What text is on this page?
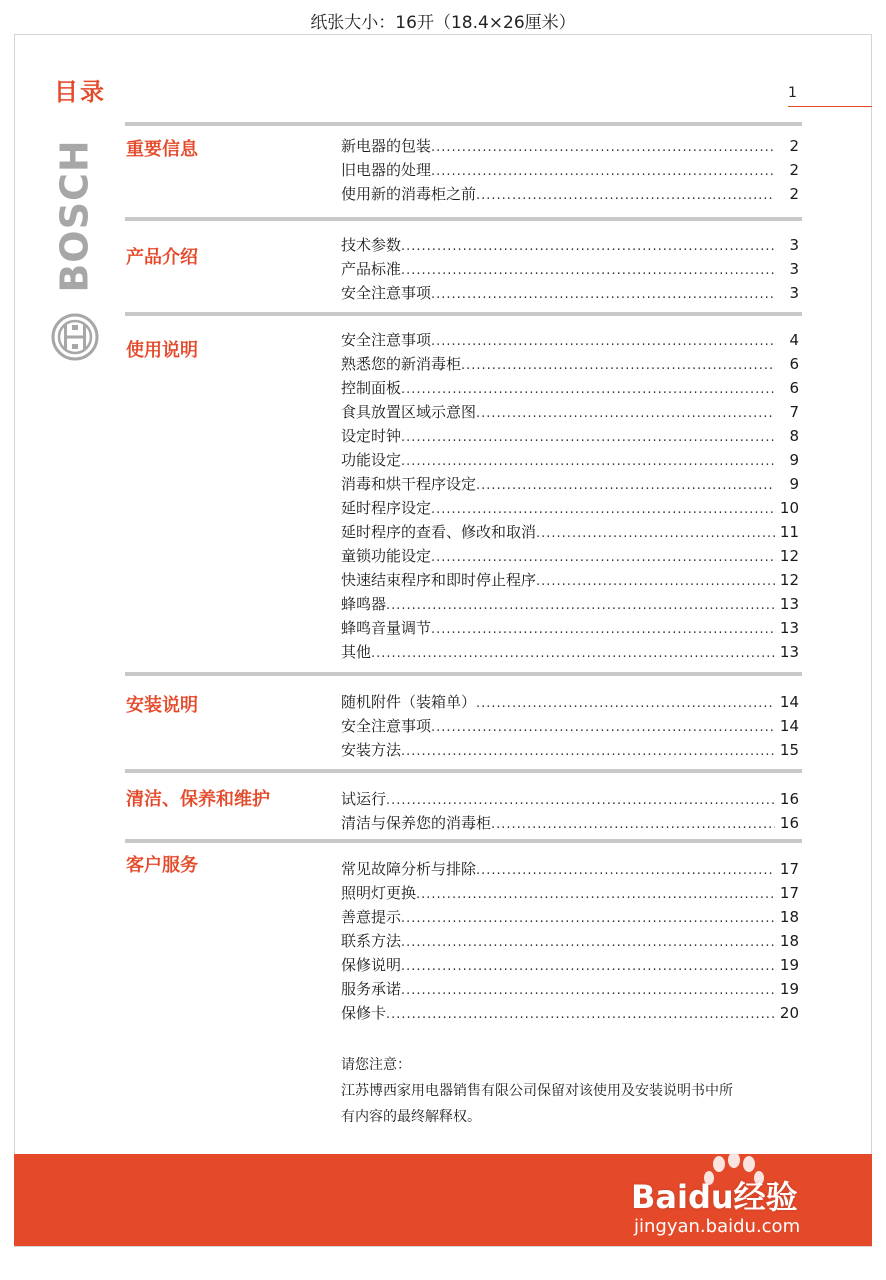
纸张大小：16开（18.4×26厘米）
目录	1
BOSCH 重要信息	新电器的包装 .....	2
旧电器的处理 .....	2
使用新的消毒柜之前 .....	2
产品介绍
技术参数 .....	3
产品标准 .....	3
安全注意事项 .....	3
使用说明	安全注意事项 .....	4
熟悉您的新消毒柜 .....	6
控制面板 .....	6
食具放置区域示意图 .....	7
设定时钟 .....	8
功能设定 .....	9
消毒和烘干程序设定 .....	9
延时程序设定 .....	10
延时程序的查看、修改和取消 .....	11
童锁功能设定 .....	12
快速结束程序和即时停止程序 .....	12
蜂鸣器 .....	13
蜂鸣音量调节 .....	13
其他 .....	13
安装说明	随机附件（装箱单） .....	14
安全注意事项 .....	14
安装方法 .....	15
清洁、保养和维护	试运行 .....	16
清洁与保养您的消毒柜 .....	16
客户服务	常见故障分析与排除 .....	17
照明灯更换 .....	17
善意提示 .....	18
联系方法 .....	18
保修说明 .....	19
服务承诺 .....	19
保修卡 .....	20
请您注意：
江苏博西家用电器销售有限公司保留对该使用及安装说明书中所
有内容的最终解释权。
Baidu经验
jingyan.baidu.com
